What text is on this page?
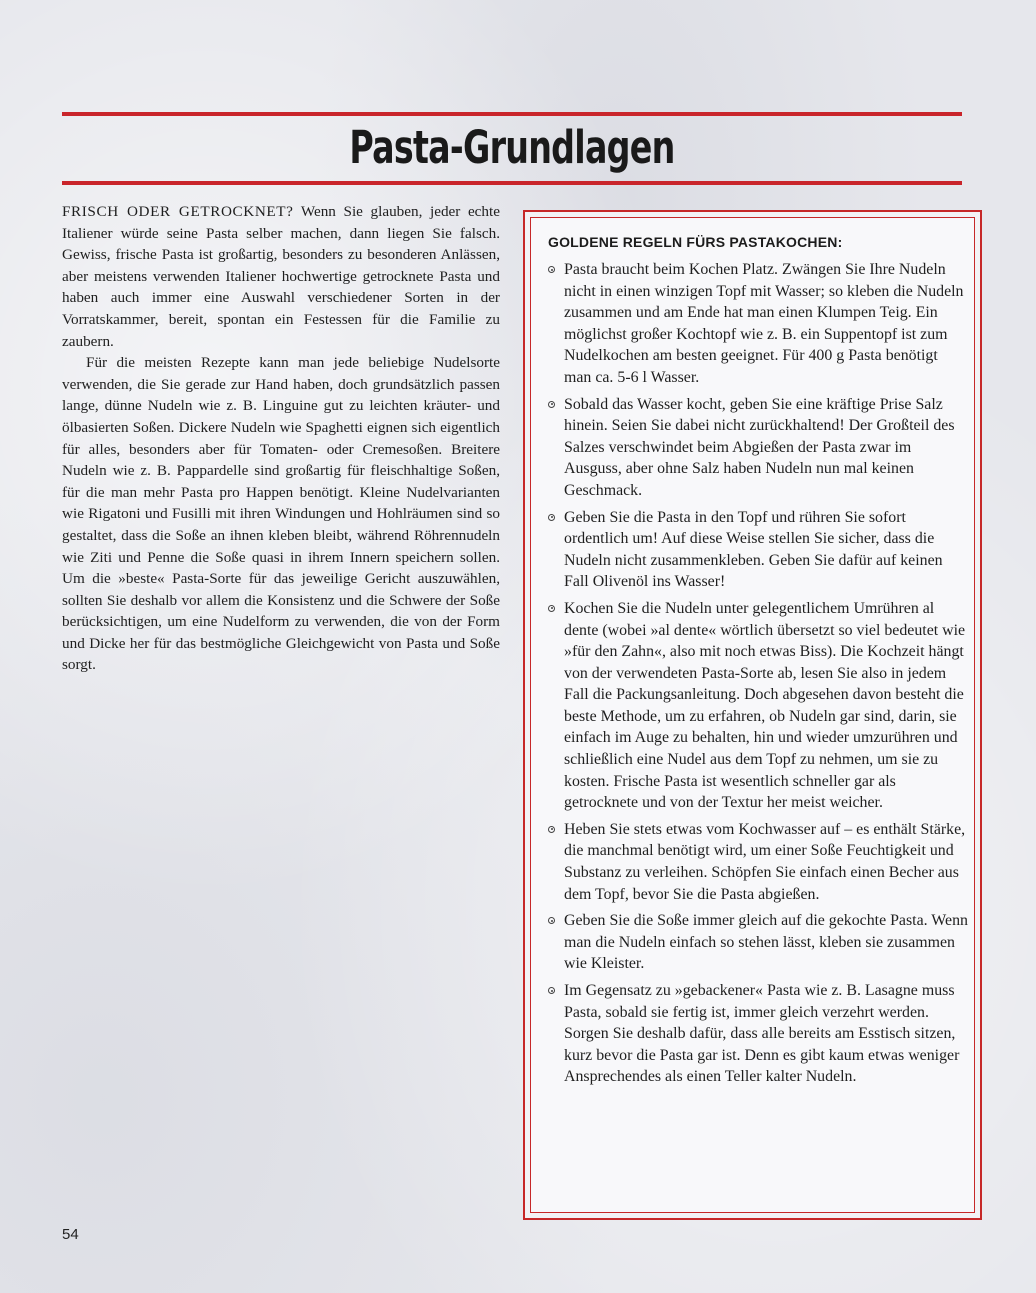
Pasta-Grundlagen

FRISCH ODER GETROCKNET? Wenn Sie glauben, jeder echte Italiener würde seine Pasta selber machen, dann liegen Sie falsch. Gewiss, frische Pasta ist großartig, besonders zu besonderen Anlässen, aber meistens verwenden Italiener hochwertige getrocknete Pasta und haben auch immer eine Auswahl verschiedener Sorten in der Vorratskammer, bereit, spontan ein Festessen für die Familie zu zaubern.

Für die meisten Rezepte kann man jede beliebige Nudelsorte verwenden, die Sie gerade zur Hand haben, doch grundsätzlich passen lange, dünne Nudeln wie z. B. Linguine gut zu leichten kräuter- und ölbasierten Soßen. Dickere Nudeln wie Spaghetti eignen sich eigentlich für alles, besonders aber für Tomaten- oder Cremesoßen. Breitere Nudeln wie z. B. Pappardelle sind großartig für fleischhaltige Soßen, für die man mehr Pasta pro Happen benötigt. Kleine Nudelvarianten wie Rigatoni und Fusilli mit ihren Windungen und Hohlräumen sind so gestaltet, dass die Soße an ihnen kleben bleibt, während Röhrennudeln wie Ziti und Penne die Soße quasi in ihrem Innern speichern sollen. Um die »beste« Pasta-Sorte für das jeweilige Gericht auszuwählen, sollten Sie deshalb vor allem die Konsistenz und die Schwere der Soße berücksichtigen, um eine Nudelform zu verwenden, die von der Form und Dicke her für das bestmögliche Gleichgewicht von Pasta und Soße sorgt.

GOLDENE REGELN FÜRS PASTAKOCHEN:
Pasta braucht beim Kochen Platz. Zwängen Sie Ihre Nudeln nicht in einen winzigen Topf mit Wasser; so kleben die Nudeln zusammen und am Ende hat man einen Klumpen Teig. Ein möglichst großer Kochtopf wie z. B. ein Suppentopf ist zum Nudelkochen am besten geeignet. Für 400 g Pasta benötigt man ca. 5-6 l Wasser.
Sobald das Wasser kocht, geben Sie eine kräftige Prise Salz hinein. Seien Sie dabei nicht zurückhaltend! Der Großteil des Salzes verschwindet beim Abgießen der Pasta zwar im Ausguss, aber ohne Salz haben Nudeln nun mal keinen Geschmack.
Geben Sie die Pasta in den Topf und rühren Sie sofort ordentlich um! Auf diese Weise stellen Sie sicher, dass die Nudeln nicht zusammenkleben. Geben Sie dafür auf keinen Fall Olivenöl ins Wasser!
Kochen Sie die Nudeln unter gelegentlichem Umrühren al dente (wobei »al dente« wörtlich übersetzt so viel bedeutet wie »für den Zahn«, also mit noch etwas Biss). Die Kochzeit hängt von der verwendeten Pasta-Sorte ab, lesen Sie also in jedem Fall die Packungsanleitung. Doch abgesehen davon besteht die beste Methode, um zu erfahren, ob Nudeln gar sind, darin, sie einfach im Auge zu behalten, hin und wieder umzurühren und schließlich eine Nudel aus dem Topf zu nehmen, um sie zu kosten. Frische Pasta ist wesentlich schneller gar als getrocknete und von der Textur her meist weicher.
Heben Sie stets etwas vom Kochwasser auf – es enthält Stärke, die manchmal benötigt wird, um einer Soße Feuchtigkeit und Substanz zu verleihen. Schöpfen Sie einfach einen Becher aus dem Topf, bevor Sie die Pasta abgießen.
Geben Sie die Soße immer gleich auf die gekochte Pasta. Wenn man die Nudeln einfach so stehen lässt, kleben sie zusammen wie Kleister.
Im Gegensatz zu »gebackener« Pasta wie z. B. Lasagne muss Pasta, sobald sie fertig ist, immer gleich verzehrt werden. Sorgen Sie deshalb dafür, dass alle bereits am Esstisch sitzen, kurz bevor die Pasta gar ist. Denn es gibt kaum etwas weniger Ansprechendes als einen Teller kalter Nudeln.
54
